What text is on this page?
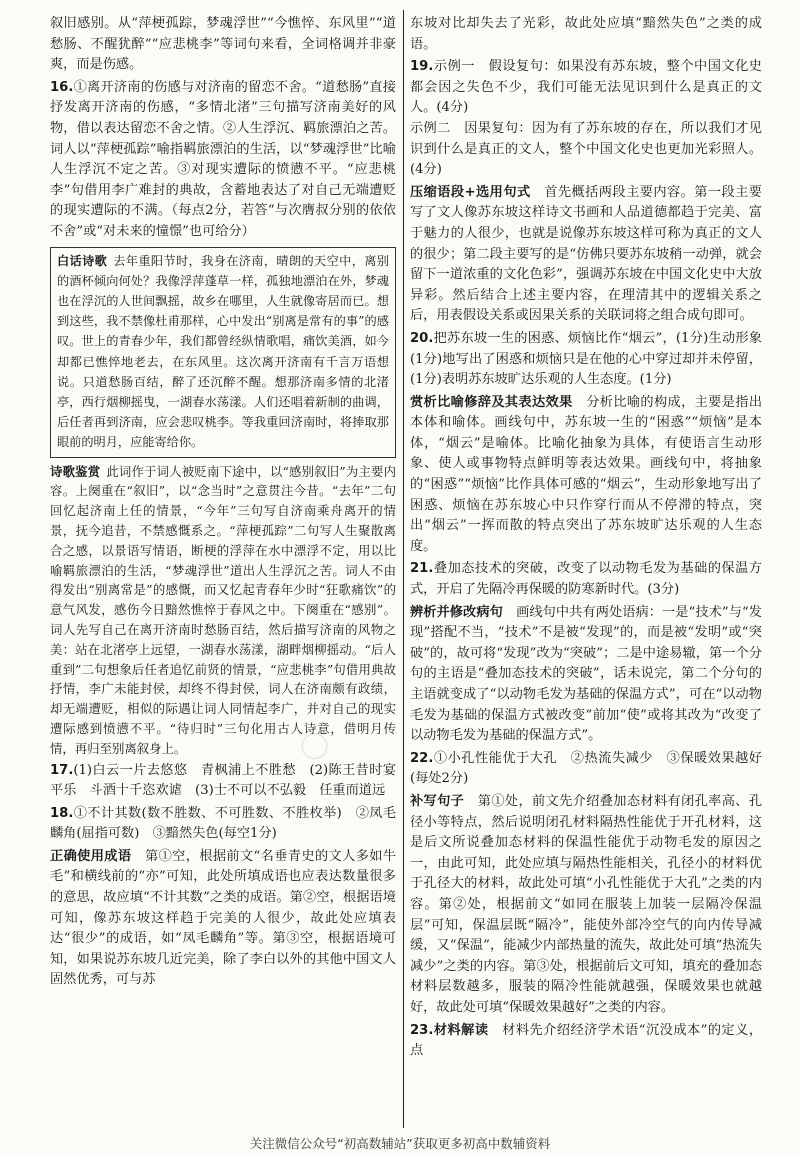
◯

叙旧感别。从“萍梗孤踪，梦魂浮世”“今憔悴、东风里”“道愁肠、不醒犹醉”“应悲桃李”等词句来看，全词格调并非豪爽，而是伤感。

16.①离开济南的伤感与对济南的留恋不舍。“道愁肠”直接抒发离开济南的伤感，“多情北渚”三句描写济南美好的风物，借以表达留恋不舍之情。②人生浮沉、羁旅漂泊之苦。词人以“萍梗孤踪”喻指羁旅漂泊的生活，以“梦魂浮世”比喻人生浮沉不定之苦。③对现实遭际的愤懑不平。“应悲桃李”句借用李广难封的典故，含蓄地表达了对自己无端遭贬的现实遭际的不满。（每点2分，若答“与次膺叔分别的依依不舍”或“对未来的憧憬”也可给分）

白话诗歌 去年重阳节时，我身在济南，晴朗的天空中，离别的酒杯倾向何处？我像浮萍蓬草一样，孤独地漂泊在外，梦魂也在浮沉的人世间飘摇，故乡在哪里，人生就像寄居而已。想到这些，我不禁像杜甫那样，心中发出“别离是常有的事”的感叹。世上的青春少年，我们都曾经纵情歌唱，痛饮美酒，如今却都已憔悴地老去，在东风里。这次离开济南有千言万语想说。只道愁肠百结，醉了还沉醉不醒。想那济南多情的北渚亭，西行烟柳摇曳，一湖春水荡漾。人们还唱着新制的曲调，后任者再到济南，应会悲叹桃李。等我重回济南时，将捧取那眼前的明月，应能寄给你。

诗歌鉴赏 此词作于词人被贬南下途中，以“感别叙旧”为主要内容。上阕重在“叙旧”，以“念当时”之意贯注今昔。“去年”二句回忆起济南上任的情景，“今年”三句写自济南乘舟离开的情景，抚今追昔，不禁感慨系之。“萍梗孤踪”二句写人生聚散离合之感，以景语写情语，断梗的浮萍在水中漂浮不定，用以比喻羁旅漂泊的生活，“梦魂浮世”道出人生浮沉之苦。词人不由得发出“别离常是”的感慨，而又忆起青春年少时“狂歌痛饮”的意气风发，感伤今日黯然憔悴于春风之中。下阕重在“感别”。词人先写自己在离开济南时愁肠百结，然后描写济南的风物之美：站在北渚亭上远望，一湖春水荡漾，湖畔烟柳摇动。“后人重到”二句想象后任者追忆前贤的情景，“应悲桃李”句借用典故抒情，李广未能封侯，却终不得封侯，词人在济南颇有政绩，却无端遭贬，相似的际遇让词人同情起李广，并对自己的现实遭际感到愤懑不平。“待归时”三句化用古人诗意，借明月传情，再归至别离叙身上。

17.(1)白云一片去悠悠　青枫浦上不胜愁　(2)陈王昔时宴平乐　斗酒十千恣欢谑　(3)士不可以不弘毅　任重而道远

18.①不计其数(数不胜数、不可胜数、不胜枚举)　②凤毛麟角(屈指可数)　③黯然失色(每空1分)

正确使用成语　 第①空，根据前文“名垂青史的文人多如牛毛”和横线前的“亦”可知，此处所填成语也应表达数量很多的意思，故应填“不计其数”之类的成语。第②空，根据语境可知，像苏东坡这样趋于完美的人很少，故此处应填表达“很少”的成语，如“凤毛麟角”等。第③空，根据语境可知，如果说苏东坡几近完美，除了李白以外的其他中国文人固然优秀，可与苏

东坡对比却失去了光彩，故此处应填“黯然失色”之类的成语。

19.示例一　假设复句：如果没有苏东坡，整个中国文化史都会因之失色不少，我们可能无法见识到什么是真正的文人。(4分)

示例二　因果复句：因为有了苏东坡的存在，所以我们才见识到什么是真正的文人，整个中国文化史也更加光彩照人。(4分)

压缩语段+选用句式　 首先概括两段主要内容。第一段主要写了文人像苏东坡这样诗文书画和人品道德都趋于完美、富于魅力的人很少，也就是说像苏东坡这样可称为真正的文人的很少；第二段主要写的是“仿佛只要苏东坡稍一动弹，就会留下一道浓重的文化色彩”，强调苏东坡在中国文化史中大放异彩。然后结合上述主要内容，在理清其中的逻辑关系之后，用表假设关系或因果关系的关联词将之组合成句即可。

20.把苏东坡一生的困惑、烦恼比作“烟云”，(1分)生动形象(1分)地写出了困惑和烦恼只是在他的心中穿过却并未停留，(1分)表明苏东坡旷达乐观的人生态度。(1分)

赏析比喻修辞及其表达效果　 分析比喻的构成，主要是指出本体和喻体。画线句中，苏东坡一生的“困惑”“烦恼”是本体，“烟云”是喻体。比喻化抽象为具体，有使语言生动形象、使人或事物特点鲜明等表达效果。画线句中，将抽象的“困惑”“烦恼”比作具体可感的“烟云”，生动形象地写出了困惑、烦恼在苏东坡心中只作穿行而从不停滞的特点，突出“烟云”一挥而散的特点突出了苏东坡旷达乐观的人生态度。

21.叠加态技术的突破，改变了以动物毛发为基础的保温方式，开启了先隔冷再保暖的防寒新时代。(3分)

辨析并修改病句　 画线句中共有两处语病：一是“技术”与“发现”搭配不当，“技术”不是被“发现”的，而是被“发明”或“突破”的，故可将“发现”改为“突破”；二是中途易辙，第一个分句的主语是“叠加态技术的突破”，话未说完，第二个分句的主语就变成了“以动物毛发为基础的保温方式”，可在“以动物毛发为基础的保温方式被改变”前加“使”或将其改为“改变了以动物毛发为基础的保温方式”。

22.①小孔性能优于大孔　②热流失减少　③保暖效果越好(每处2分)

补写句子　 第①处，前文先介绍叠加态材料有闭孔率高、孔径小等特点，然后说明闭孔材料隔热性能优于开孔材料，这是后文所说叠加态材料的保温性能优于动物毛发的原因之一，由此可知，此处应填与隔热性能相关，孔径小的材料优于孔径大的材料，故此处可填“小孔性能优于大孔”之类的内容。第②处，根据前文“如同在服装上加装一层隔冷保温层”可知，保温层既“隔冷”，能使外部冷空气的向内传导减缓，又“保温”，能减少内部热量的流失，故此处可填“热流失减少”之类的内容。第③处，根据前后文可知，填充的叠加态材料层数越多，服装的隔冷性能就越强，保暖效果也就越好，故此处可填“保暖效果越好”之类的内容。

23.材料解读　 材料先介绍经济学术语“沉没成本”的定义，点

关注微信公众号“初高数辅站”获取更多初高中数辅资料
